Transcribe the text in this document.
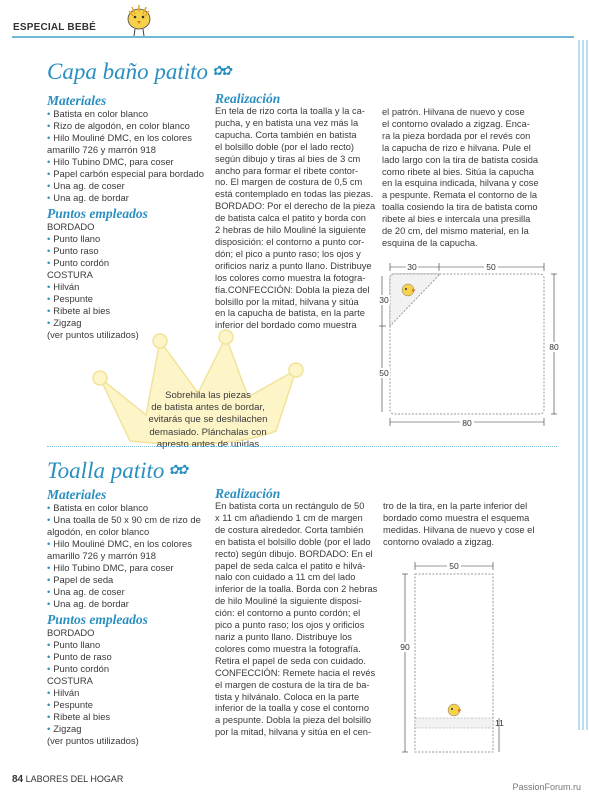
ESPECIAL BEBÉ
Capa baño patito ✿✿
Materiales
• Batista en color blanco
• Rizo de algodón, en color blanco
• Hilo Mouliné DMC, en los colores
amarillo 726 y marrón 918
• Hilo Tubino DMC, para coser
• Papel carbón especial para bordado
• Una ag. de coser
• Una ag. de bordar
Puntos empleados
BORDADO
• Punto llano
• Punto raso
• Punto cordón
COSTURA
• Hilván
• Pespunte
• Ribete al bies
• Zigzag
(ver puntos utilizados)
Realización
En tela de rizo corta la toalla y la ca-
pucha, y en batista una vez más la
capucha. Corta también en batista
el bolsillo doble (por el lado recto)
según dibujo y tiras al bies de 3 cm
ancho para formar el ribete contor-
no. El margen de costura de 0,5 cm
está contemplado en todas las piezas.
BORDADO: Por el derecho de la pieza
de batista calca el patito y borda con
2 hebras de hilo Mouliné la siguiente
disposición: el contorno a punto cor-
dón; el pico a punto raso; los ojos y
orificios nariz a punto llano. Distribuye
los colores como muestra la fotogra-
fía.CONFECCIÓN: Dobla la pieza del
bolsillo por la mitad, hilvana y sitúa
en la capucha de batista, en la parte
inferior del bordado como muestra
el patrón. Hilvana de nuevo y cose
el contorno ovalado a zigzag. Enca-
ra la pieza bordada por el revés con
la capucha de rizo e hilvana. Pule el
lado largo con la tira de batista cosida
como ribete al bies. Sitúa la capucha
en la esquina indicada, hilvana y cose
a pespunte. Remata el contorno de la
toalla cosiendo la tira de batista como
ribete al bies e intercala una presilla
de 20 cm, del mismo material, en la
esquina de la capucha.
30	50
30
50
80
80
Sobrehila las piezas
de batista antes de bordar,
evitarás que se deshilachen
demasiado. Plánchalas con
apresto antes de unirlas
Toalla patito ✿✿
Materiales
• Batista en color blanco
• Una toalla de 50 x 90 cm de rizo de
algodón, en color blanco
• Hilo Mouliné DMC, en los colores
amarillo 726 y marrón 918
• Hilo Tubino DMC, para coser
• Papel de seda
• Una ag. de coser
• Una ag. de bordar
Puntos empleados
BORDADO
• Punto llano
• Punto de raso
• Punto cordón
COSTURA
• Hilván
• Pespunte
• Ribete al bies
• Zigzag
(ver puntos utilizados)
Realización
En batista corta un rectángulo de 50
x 11 cm añadiendo 1 cm de margen
de costura alrededor. Corta también
en batista el bolsillo doble (por el lado
recto) según dibujo. BORDADO: En el
papel de seda calca el patito e hilvá-
nalo con cuidado a 11 cm del lado
inferior de la toalla. Borda con 2 hebras
de hilo Mouliné la siguiente disposi-
ción: el contorno a punto cordón; el
pico a punto raso; los ojos y orificios
nariz a punto llano. Distribuye los
colores como muestra la fotografía.
Retira el papel de seda con cuidado.
CONFECCIÓN: Remete hacia el revés
el margen de costura de la tira de ba-
tista y hilvánalo. Coloca en la parte
inferior de la toalla y cose el contorno
a pespunte. Dobla la pieza del bolsillo
por la mitad, hilvana y sitúa en el cen-
tro de la tira, en la parte inferior del
bordado como muestra el esquema
medidas. Hilvana de nuevo y cose el
contorno ovalado a zigzag.
50
90
11
84 LABORES DEL HOGAR
PassionForum.ru
